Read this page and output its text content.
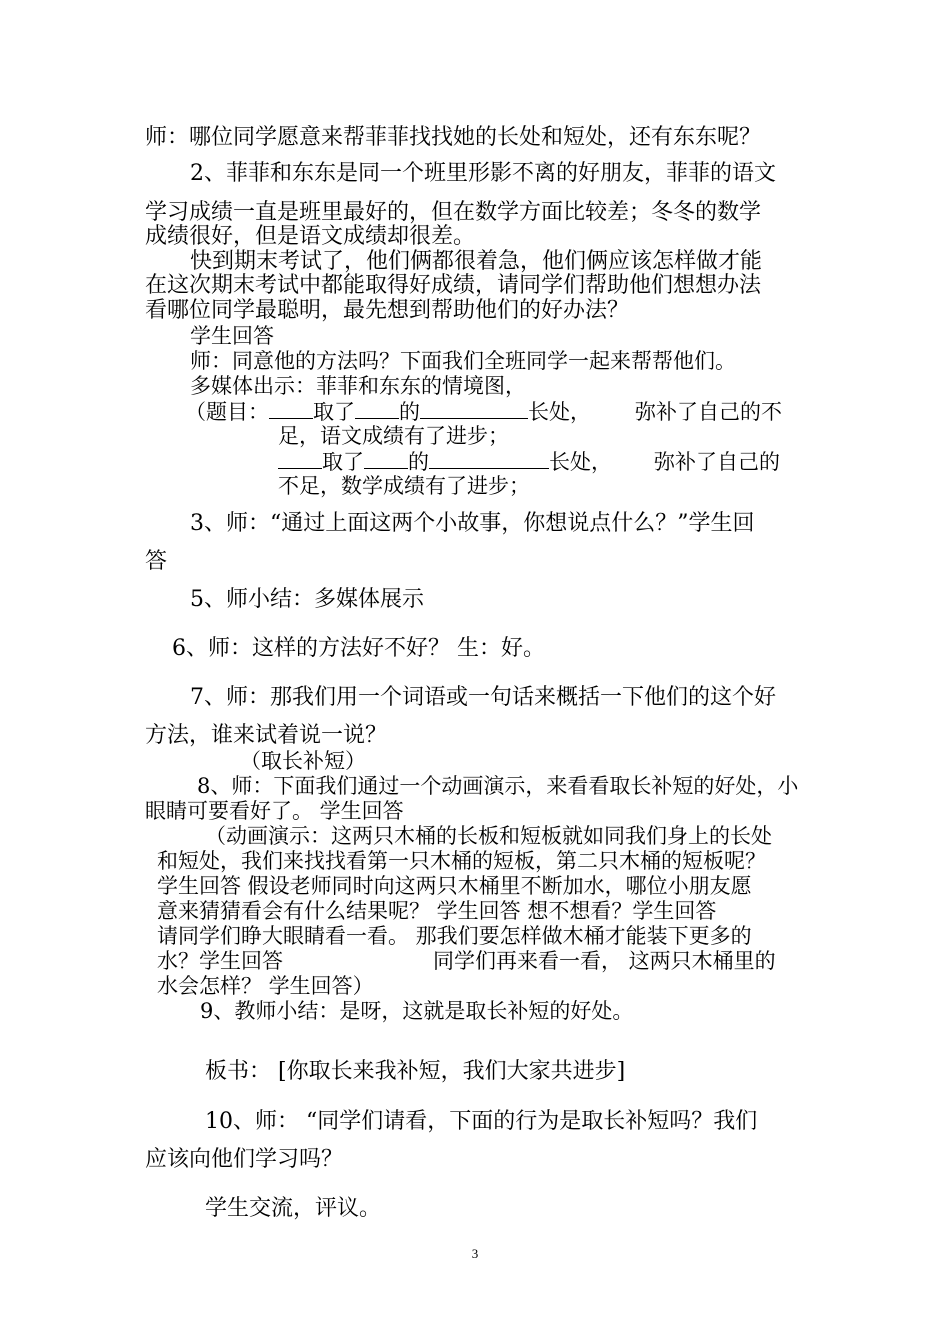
师：哪位同学愿意来帮菲菲找找她的长处和短处，还有东东呢？
2、菲菲和东东是同一个班里形影不离的好朋友，菲菲的语文
学习成绩一直是班里最好的，但在数学方面比较差；冬冬的数学
成绩很好，但是语文成绩却很差。
快到期末考试了，他们俩都很着急，他们俩应该怎样做才能
在这次期末考试中都能取得好成绩，请同学们帮助他们想想办法
看哪位同学最聪明，最先想到帮助他们的好办法？
学生回答
师：同意他的方法吗？下面我们全班同学一起来帮帮他们。
多媒体出示：菲菲和东东的情境图，
（题目： 取了 的	长处， 弥补了自己的不
足，语文成绩有了进步；
取了 的	长处， 弥补了自己的
不足，数学成绩有了进步；
3、师：“通过上面这两个小故事，你想说点什么？”学生回
答
5、师小结：多媒体展示
6、师：这样的方法好不好？ 生：好。
7、师：那我们用一个词语或一句话来概括一下他们的这个好
方法，谁来试着说一说？
（取长补短）
8、师：下面我们通过一个动画演示，来看看取长补短的好处，小
眼睛可要看好了。 学生回答
（动画演示：这两只木桶的长板和短板就如同我们身上的长处
和短处，我们来找找看第一只木桶的短板，第二只木桶的短板呢？
学生回答 假设老师同时向这两只木桶里不断加水，哪位小朋友愿
意来猜猜看会有什么结果呢？ 学生回答 想不想看？学生回答
请同学们睁大眼睛看一看。 那我们要怎样做木桶才能装下更多的
水？学生回答	同学们再来看一看， 这两只木桶里的
水会怎样？ 学生回答）
9、教师小结：是呀，这就是取长补短的好处。
板书： [你取长来我补短，我们大家共进步]
10、师： “同学们请看，下面的行为是取长补短吗？我们
应该向他们学习吗？
学生交流，评议。
3
